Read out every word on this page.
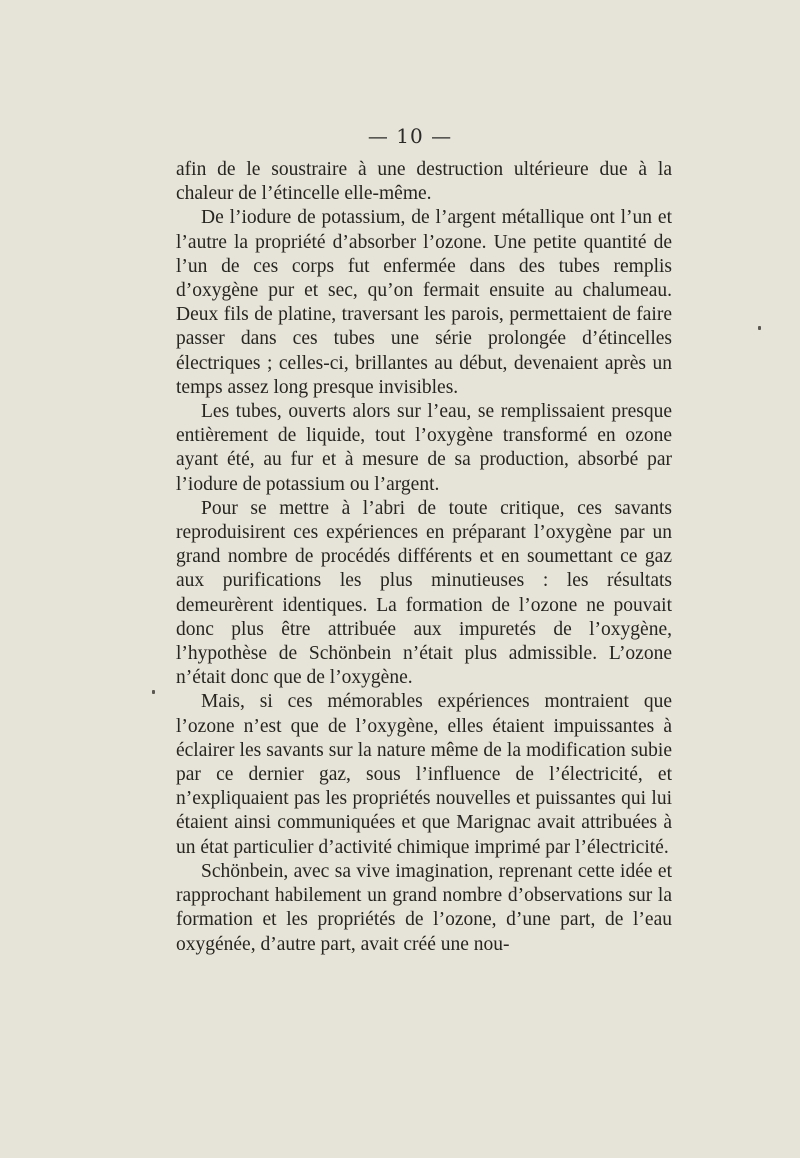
— 10 —

afin de le soustraire à une destruction ultérieure due à la chaleur de l’étincelle elle-même.

De l’iodure de potassium, de l’argent métallique ont l’un et l’autre la propriété d’absorber l’ozone. Une petite quantité de l’un de ces corps fut enfermée dans des tubes remplis d’oxygène pur et sec, qu’on fermait ensuite au chalumeau. Deux fils de platine, traversant les parois, permettaient de faire passer dans ces tubes une série prolongée d’étincelles électriques ; celles-ci, brillantes au début, devenaient après un temps assez long presque invisibles.

Les tubes, ouverts alors sur l’eau, se remplissaient presque entièrement de liquide, tout l’oxygène transformé en ozone ayant été, au fur et à mesure de sa production, absorbé par l’iodure de potassium ou l’argent.

Pour se mettre à l’abri de toute critique, ces savants reproduisirent ces expériences en préparant l’oxygène par un grand nombre de procédés différents et en soumettant ce gaz aux purifications les plus minutieuses : les résultats demeurèrent identiques. La formation de l’ozone ne pouvait donc plus être attribuée aux impuretés de l’oxygène, l’hypothèse de Schönbein n’était plus admissible. L’ozone n’était donc que de l’oxygène.

Mais, si ces mémorables expériences montraient que l’ozone n’est que de l’oxygène, elles étaient impuissantes à éclairer les savants sur la nature même de la modification subie par ce dernier gaz, sous l’influence de l’électricité, et n’expliquaient pas les propriétés nouvelles et puissantes qui lui étaient ainsi communiquées et que Marignac avait attribuées à un état particulier d’activité chimique imprimé par l’électricité.

Schönbein, avec sa vive imagination, reprenant cette idée et rapprochant habilement un grand nombre d’observations sur la formation et les propriétés de l’ozone, d’une part, de l’eau oxygénée, d’autre part, avait créé une nou-
